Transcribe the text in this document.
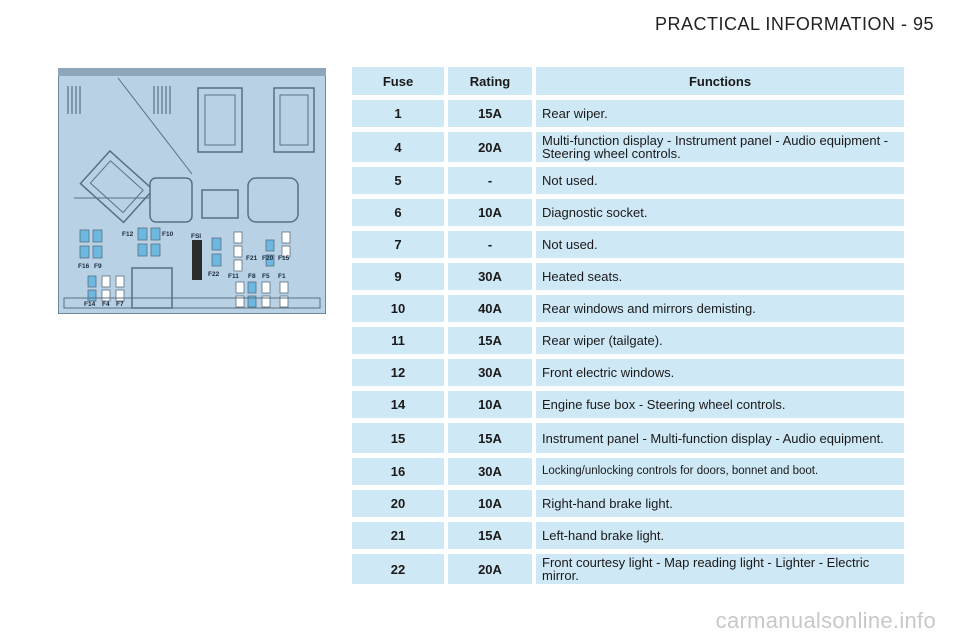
PRACTICAL INFORMATION - 95
F12	F10
F16 F9
FSI
F22 F11 F8 F5 F1
F21 F20 F15
F14 F4 F7
Fuse	Rating	Functions
1	15A	Rear wiper.
4	20A	Multi-function display - Instrument panel - Audio equipment - Steering wheel controls.
5	-	Not used.
6	10A	Diagnostic socket.
7	-	Not used.
9	30A	Heated seats.
10	40A	Rear windows and mirrors demisting.
11	15A	Rear wiper (tailgate).
12	30A	Front electric windows.
14	10A	Engine fuse box - Steering wheel controls.
15	15A	Instrument panel - Multi-function display - Audio equipment.
16	30A	Locking/unlocking controls for doors, bonnet and boot.
20	10A	Right-hand brake light.
21	15A	Left-hand brake light.
22	20A	Front courtesy light - Map reading light - Lighter - Electric mirror.
carmanualsonline.info
